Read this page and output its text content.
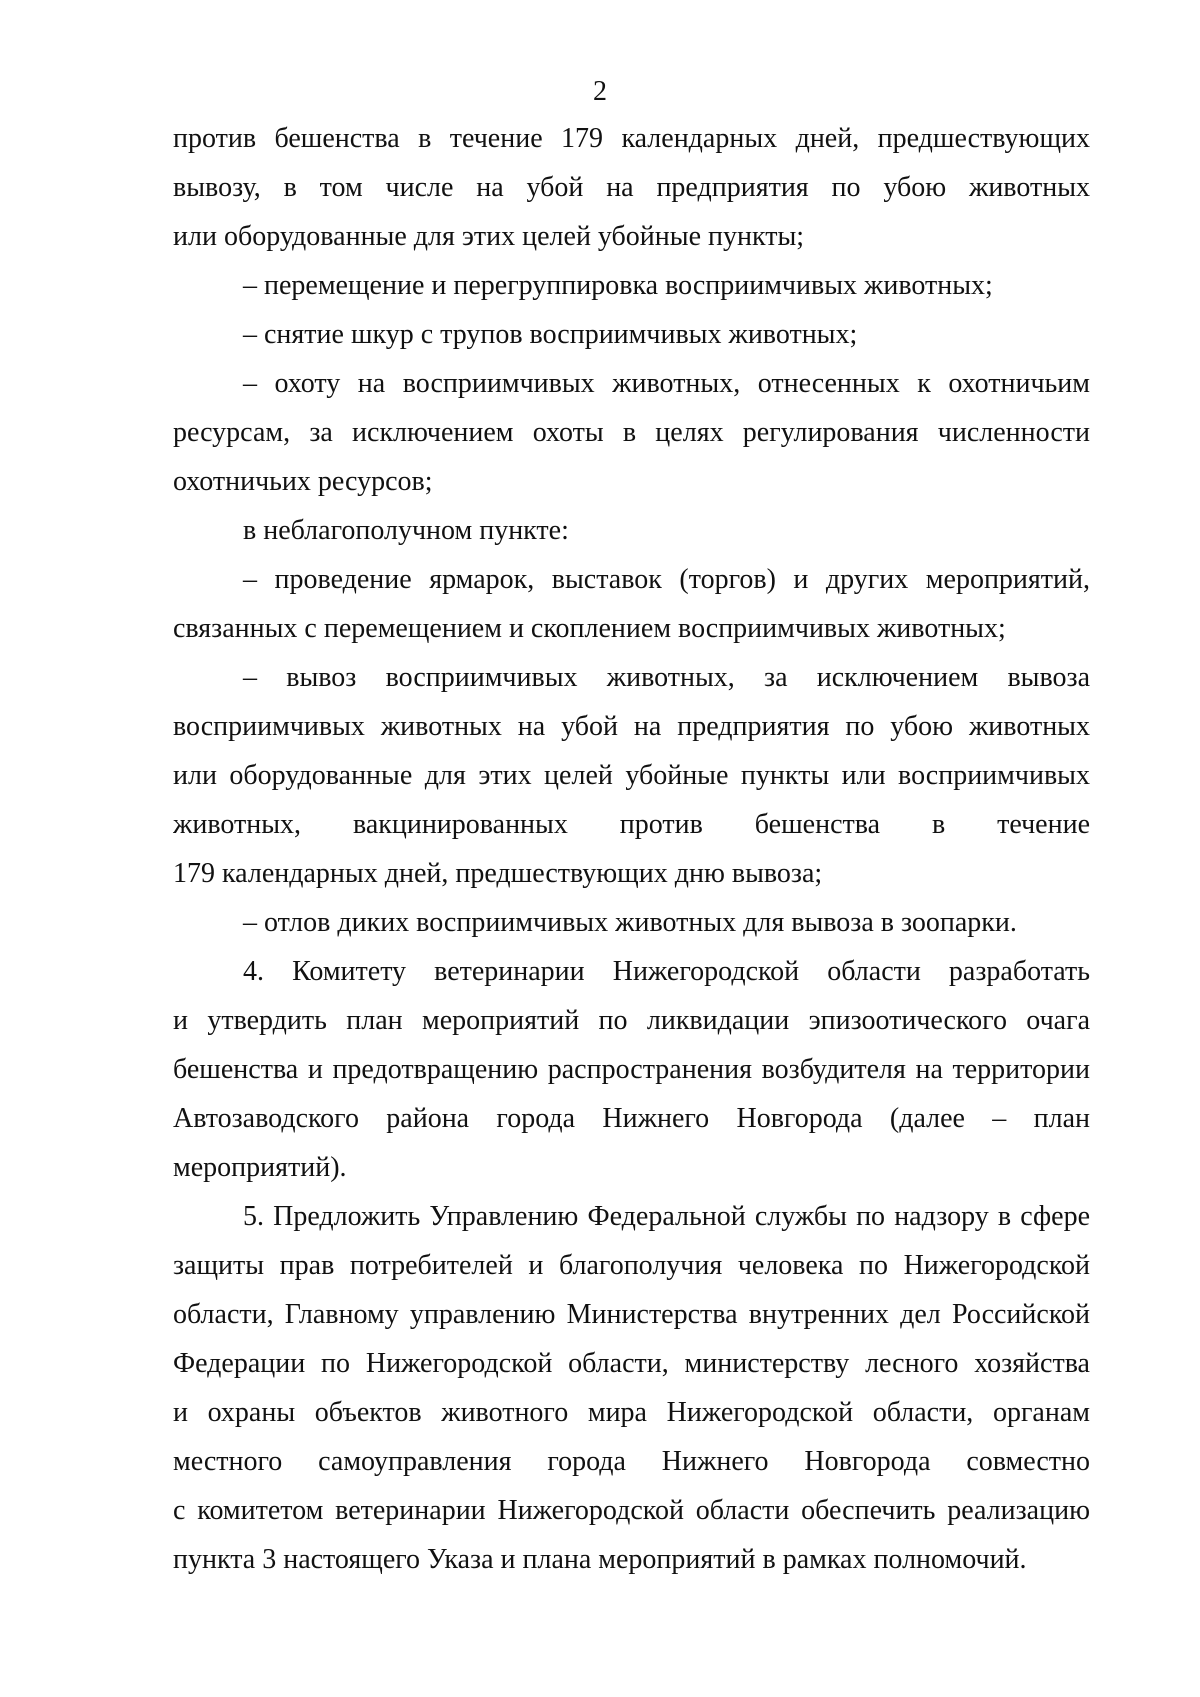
2
против бешенства в течение 179 календарных дней, предшествующих
вывозу, в том числе на убой на предприятия по убою животных
или оборудованные для этих целей убойные пункты;
– перемещение и перегруппировка восприимчивых животных;
– снятие шкур с трупов восприимчивых животных;
– охоту на восприимчивых животных, отнесенных к охотничьим
ресурсам, за исключением охоты в целях регулирования численности
охотничьих ресурсов;
в неблагополучном пункте:
– проведение ярмарок, выставок (торгов) и других мероприятий,
связанных с перемещением и скоплением восприимчивых животных;
– вывоз восприимчивых животных, за исключением вывоза
восприимчивых животных на убой на предприятия по убою животных
или оборудованные для этих целей убойные пункты или восприимчивых
животных, вакцинированных против бешенства в течение
179 календарных дней, предшествующих дню вывоза;
– отлов диких восприимчивых животных для вывоза в зоопарки.
4. Комитету ветеринарии Нижегородской области разработать
и утвердить план мероприятий по ликвидации эпизоотического очага
бешенства и предотвращению распространения возбудителя на территории
Автозаводского района города Нижнего Новгорода (далее – план
мероприятий).
5. Предложить Управлению Федеральной службы по надзору в сфере
защиты прав потребителей и благополучия человека по Нижегородской
области, Главному управлению Министерства внутренних дел Российской
Федерации по Нижегородской области, министерству лесного хозяйства
и охраны объектов животного мира Нижегородской области, органам
местного самоуправления города Нижнего Новгорода совместно
с комитетом ветеринарии Нижегородской области обеспечить реализацию
пункта 3 настоящего Указа и плана мероприятий в рамках полномочий.
